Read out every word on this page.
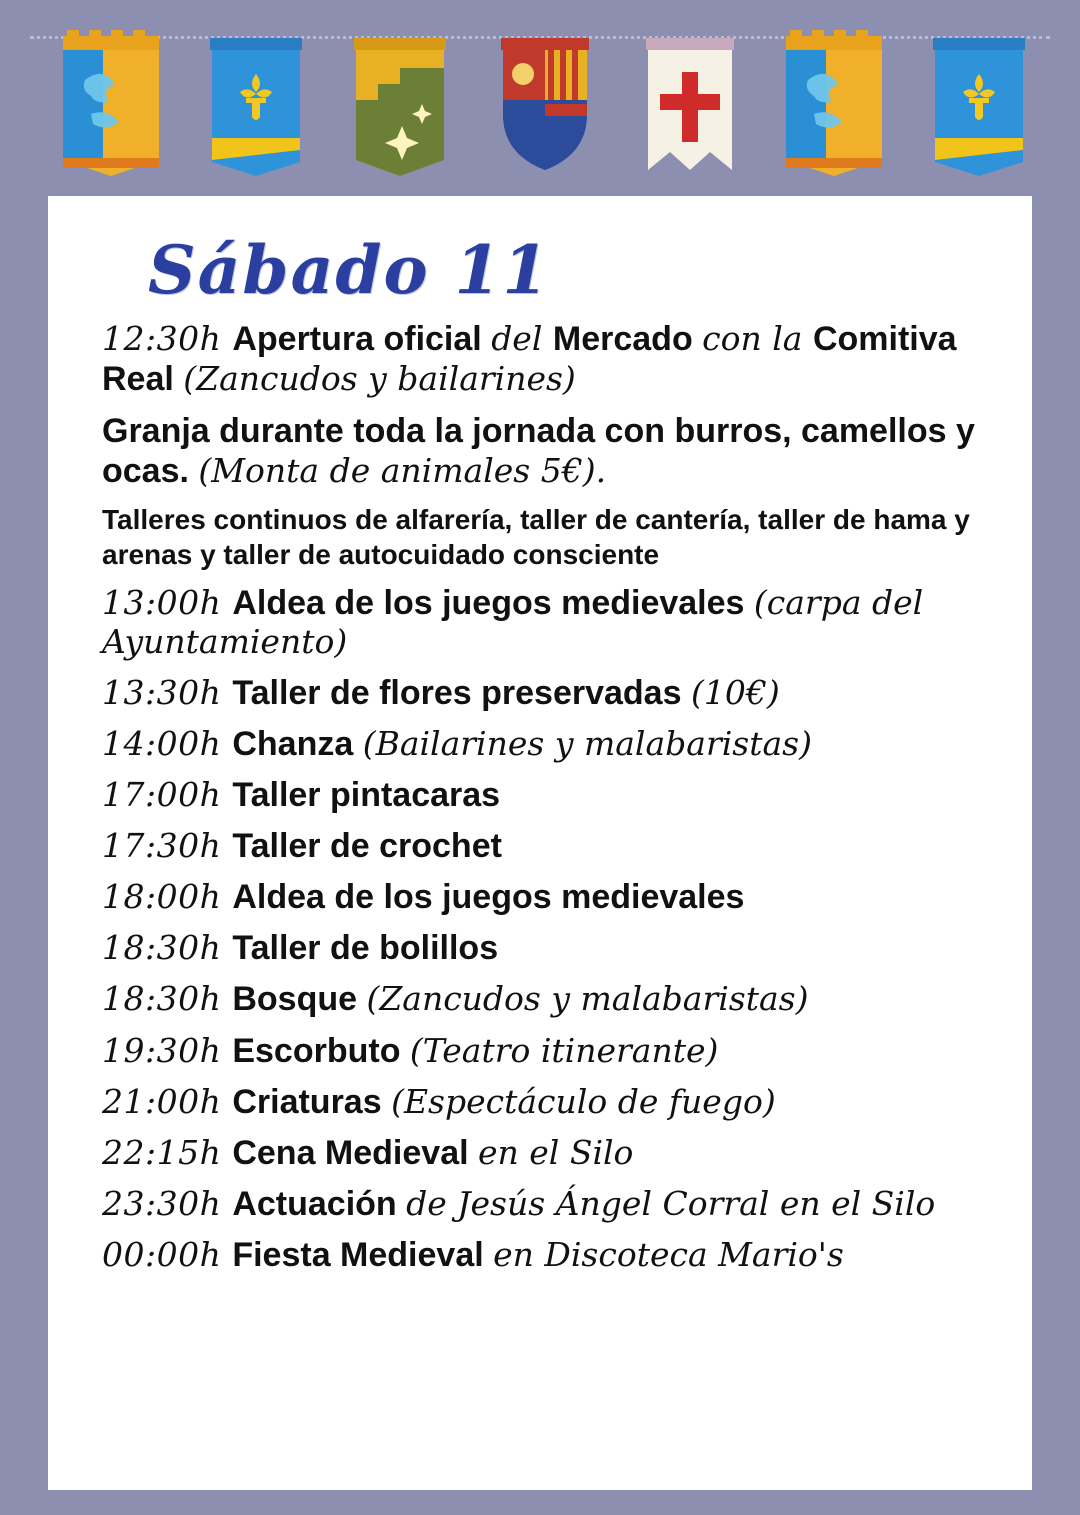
Sábado 11
12:30h Apertura oficial del Mercado con la Comitiva Real (Zancudos y bailarines)
Granja durante toda la jornada con burros, camellos y ocas. (Monta de animales 5€).
Talleres continuos de alfarería, taller de cantería, taller de hama y arenas y taller de autocuidado consciente
13:00h Aldea de los juegos medievales (carpa del Ayuntamiento)
13:30h Taller de flores preservadas (10€)
14:00h Chanza (Bailarines y malabaristas)
17:00h Taller pintacaras
17:30h Taller de crochet
18:00h Aldea de los juegos medievales
18:30h Taller de bolillos
18:30h Bosque (Zancudos y malabaristas)
19:30h Escorbuto (Teatro itinerante)
21:00h Criaturas (Espectáculo de fuego)
22:15h Cena Medieval en el Silo
23:30h Actuación de Jesús Ángel Corral en el Silo
00:00h Fiesta Medieval en Discoteca Mario's
